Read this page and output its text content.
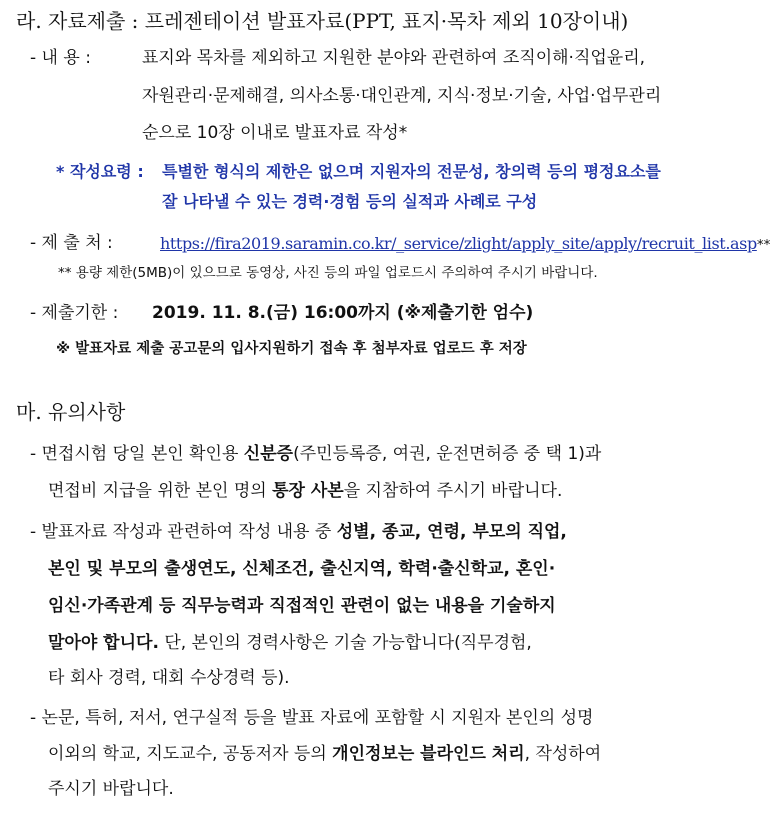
라. 자료제출 : 프레젠테이션 발표자료(PPT, 표지·목차 제외 10장이내)
- 내 용 :	표지와 목차를 제외하고 지원한 분야와 관련하여 조직이해·직업윤리,
자원관리·문제해결, 의사소통·대인관계, 지식·정보·기술, 사업·업무관리
순으로 10장 이내로 발표자료 작성*
* 작성요령 : 특별한 형식의 제한은 없으며 지원자의 전문성, 창의력 등의 평정요소를
잘 나타낼 수 있는 경력·경험 등의 실적과 사례로 구성
- 제 출 처 :	https://fira2019.saramin.co.kr/_service/zlight/apply_site/apply/recruit_list.asp**
** 용량 제한(5MB)이 있으므로 동영상, 사진 등의 파일 업로드시 주의하여 주시기 바랍니다.
- 제출기한 : 2019. 11. 8.(금) 16:00까지 (※제출기한 엄수)
※ 발표자료 제출 공고문의 입사지원하기 접속 후 첨부자료 업로드 후 저장
마. 유의사항
- 면접시험 당일 본인 확인용 신분증(주민등록증, 여권, 운전면허증 중 택 1)과
면접비 지급을 위한 본인 명의 통장 사본을 지참하여 주시기 바랍니다.
- 발표자료 작성과 관련하여 작성 내용 중 성별, 종교, 연령, 부모의 직업,
본인 및 부모의 출생연도, 신체조건, 출신지역, 학력·출신학교, 혼인·
임신·가족관계 등 직무능력과 직접적인 관련이 없는 내용을 기술하지
말아야 합니다. 단, 본인의 경력사항은 기술 가능합니다(직무경험,
타 회사 경력, 대회 수상경력 등).
- 논문, 특허, 저서, 연구실적 등을 발표 자료에 포함할 시 지원자 본인의 성명
이외의 학교, 지도교수, 공동저자 등의 개인정보는 블라인드 처리, 작성하여
주시기 바랍니다.
